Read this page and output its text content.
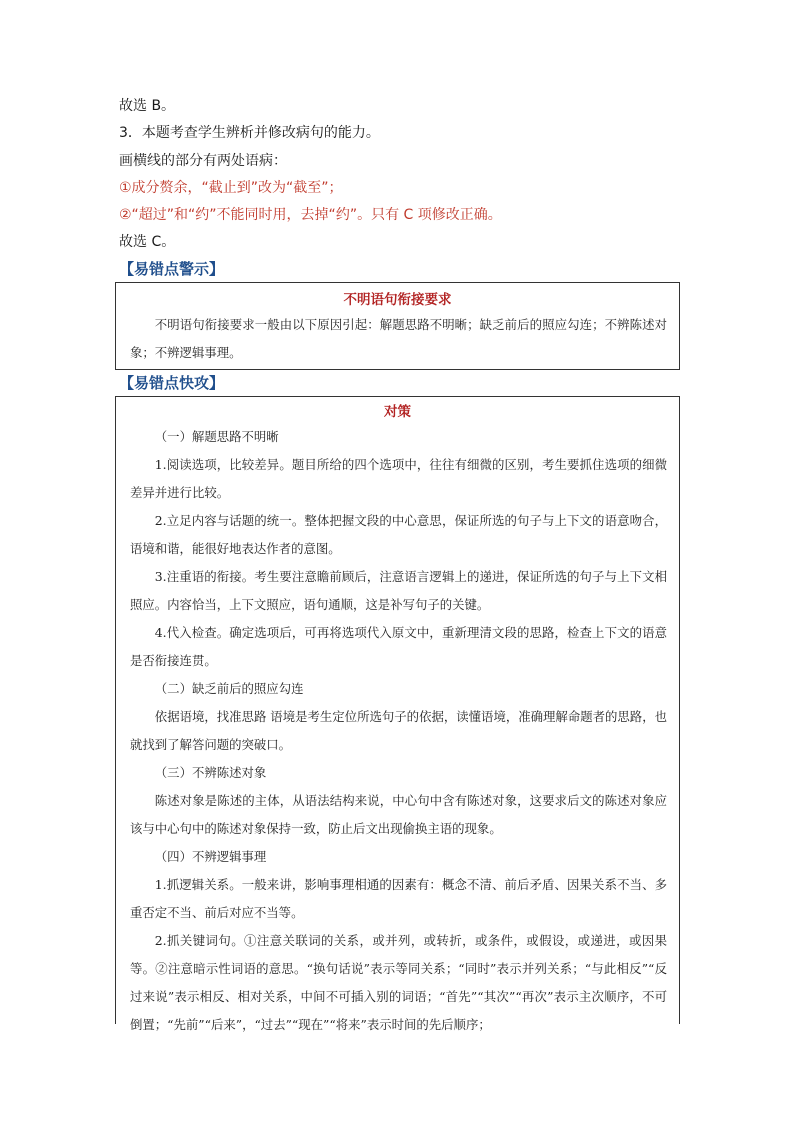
故选 B。
3．本题考查学生辨析并修改病句的能力。
画横线的部分有两处语病：
①成分赘余，“截止到”改为“截至”；
②“超过”和“约”不能同时用，去掉“约”。只有 C 项修改正确。
故选 C。
【易错点警示】
不明语句衔接要求
不明语句衔接要求一般由以下原因引起：解题思路不明晰；缺乏前后的照应勾连；不辨陈述对象；不辨逻辑事理。
【易错点快攻】
对策
（一）解题思路不明晰
1.阅读选项，比较差异。题目所给的四个选项中，往往有细微的区别，考生要抓住选项的细微差异并进行比较。
2.立足内容与话题的统一。整体把握文段的中心意思，保证所选的句子与上下文的语意吻合，语境和谐，能很好地表达作者的意图。
3.注重语的衔接。考生要注意瞻前顾后，注意语言逻辑上的递进，保证所选的句子与上下文相照应。内容恰当，上下文照应，语句通顺，这是补写句子的关键。
4.代入检查。确定选项后，可再将选项代入原文中，重新理清文段的思路，检查上下文的语意是否衔接连贯。
（二）缺乏前后的照应勾连
依据语境，找准思路 语境是考生定位所选句子的依据，读懂语境，准确理解命题者的思路，也就找到了解答问题的突破口。
（三）不辨陈述对象
陈述对象是陈述的主体，从语法结构来说，中心句中含有陈述对象，这要求后文的陈述对象应该与中心句中的陈述对象保持一致，防止后文出现偷换主语的现象。
（四）不辨逻辑事理
1.抓逻辑关系。一般来讲，影响事理相通的因素有：概念不清、前后矛盾、因果关系不当、多重否定不当、前后对应不当等。
2.抓关键词句。①注意关联词的关系，或并列，或转折，或条件，或假设，或递进，或因果等。②注意暗示性词语的意思。“换句话说”表示等同关系；“同时”表示并列关系；“与此相反”“反过来说”表示相反、相对关系，中间不可插入别的词语；“首先”“其次”“再次”表示主次顺序，不可倒置；“先前”“后来”，“过去”“现在”“将来”表示时间的先后顺序；
